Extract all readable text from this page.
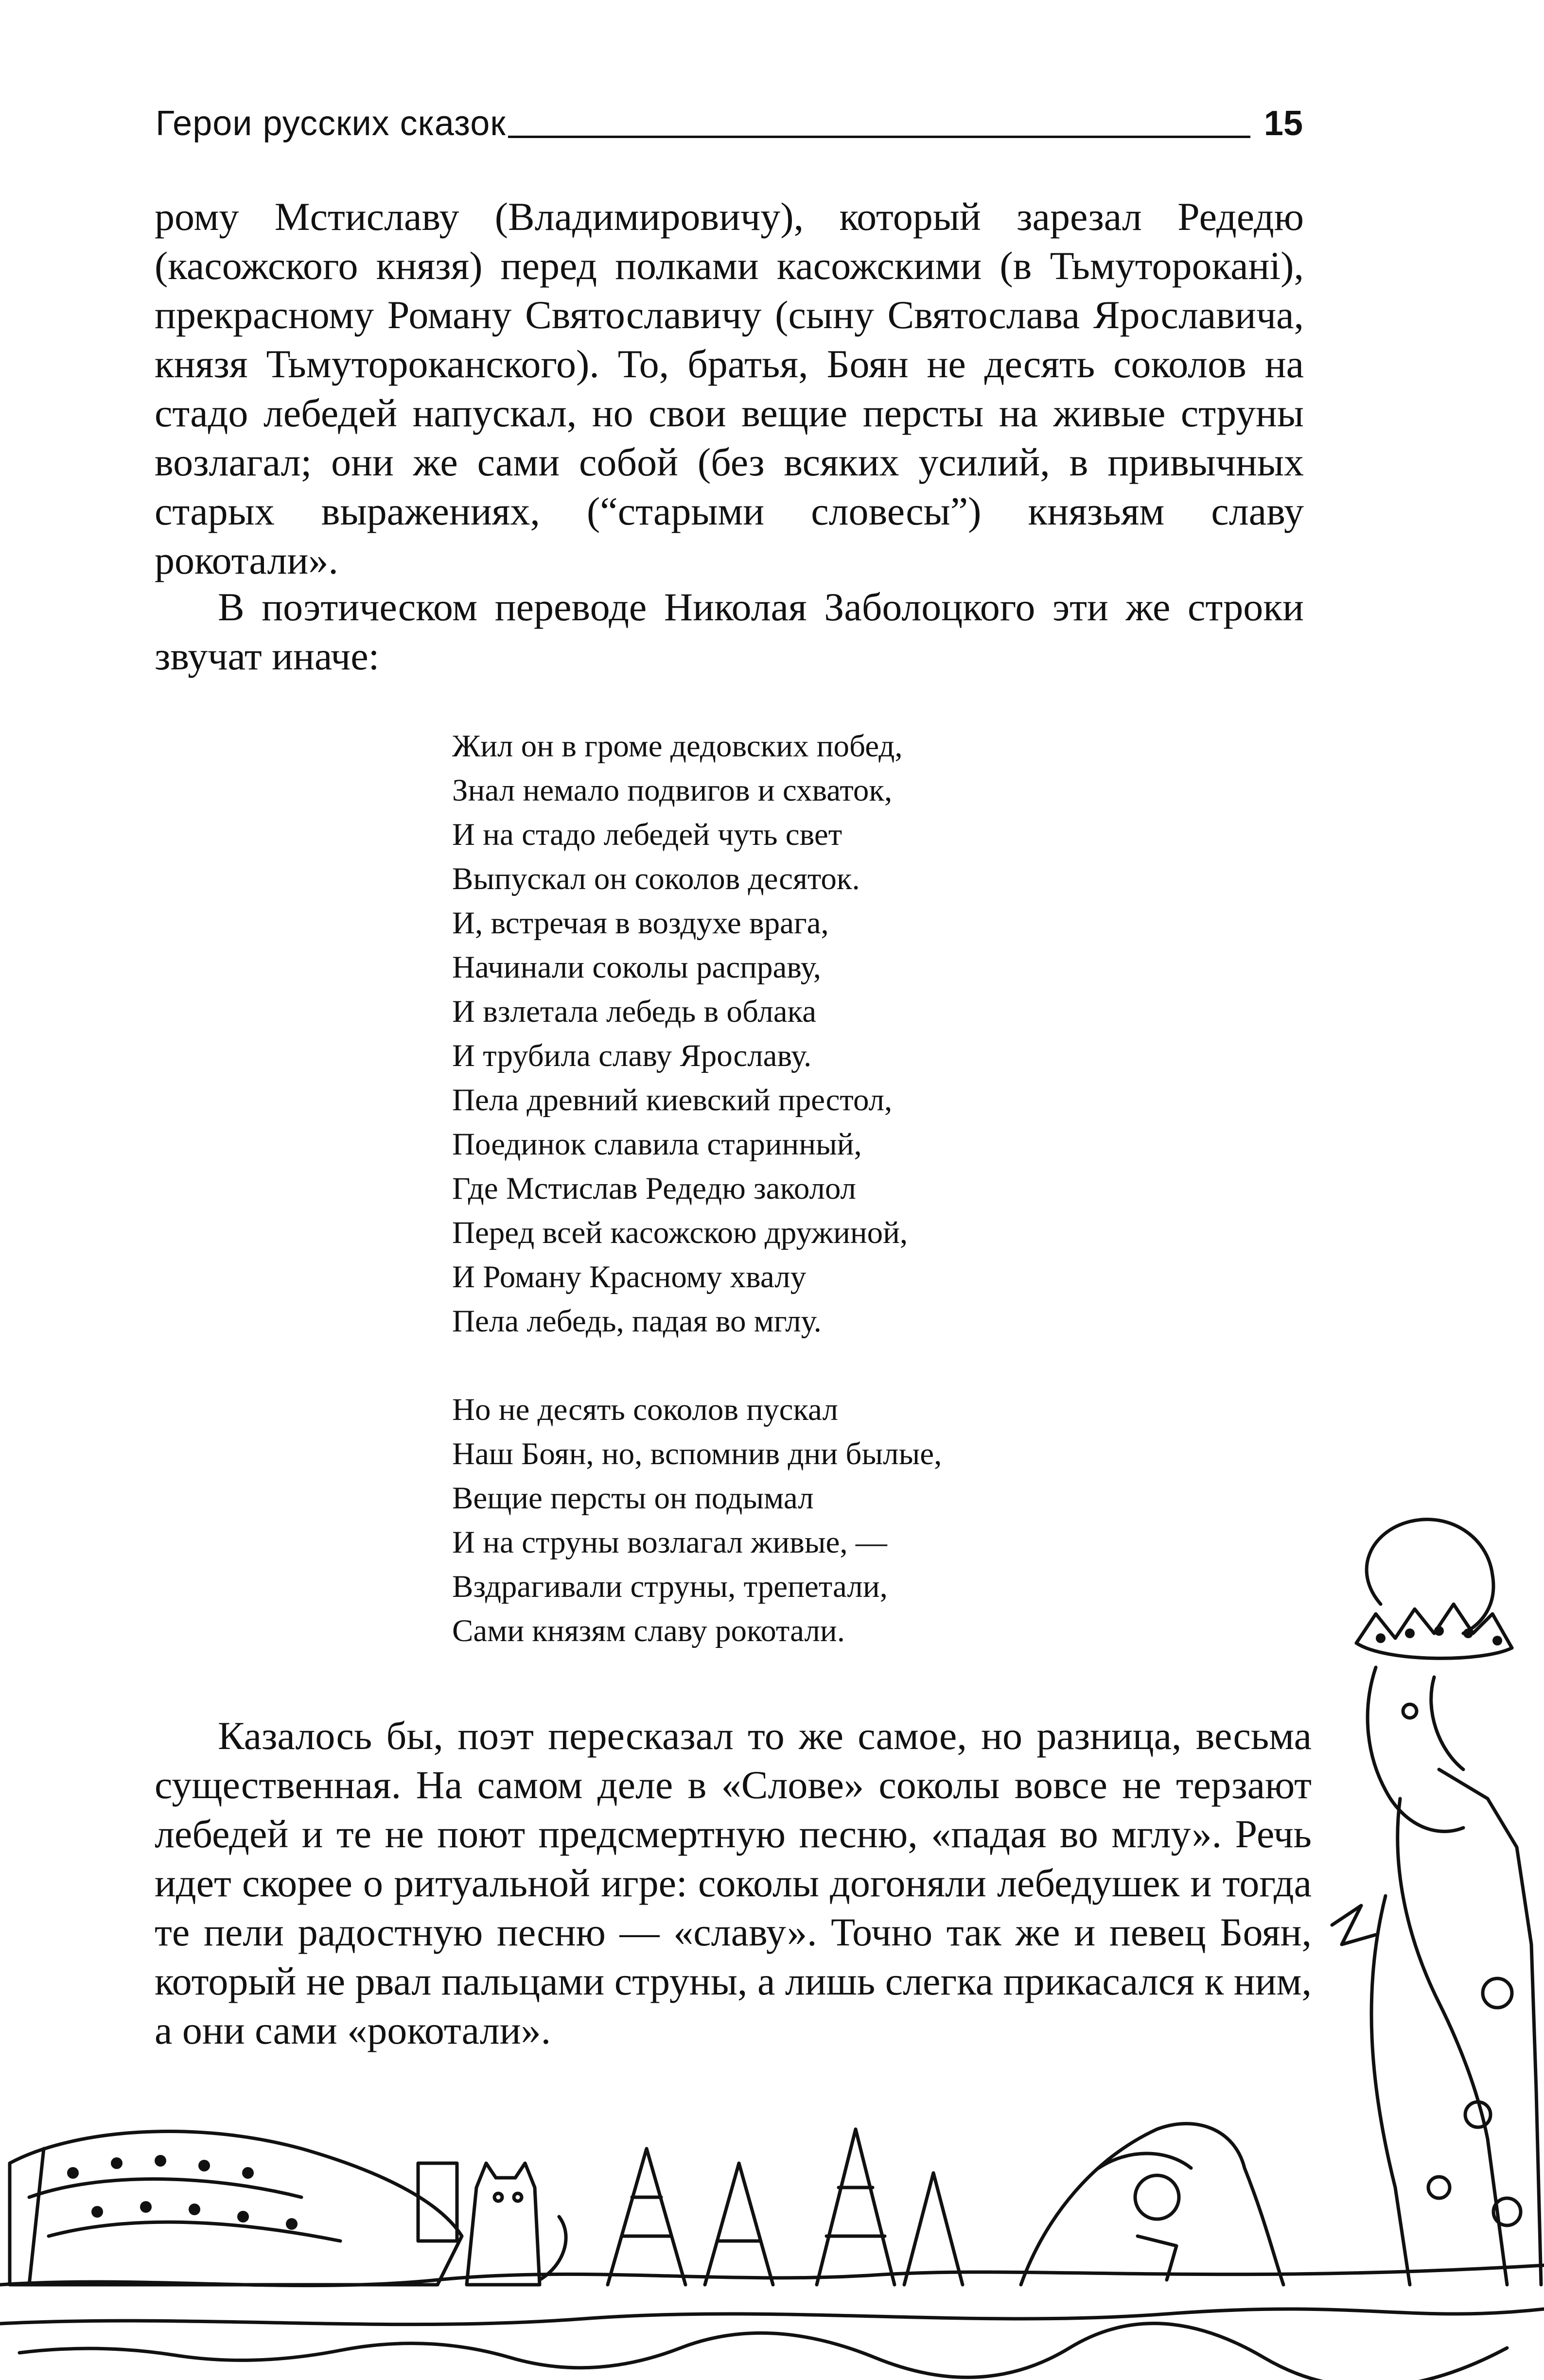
Герои русских сказок	15

рому Мстиславу (Владимировичу), который зарезал Редедю (касожского князя) перед полками касожскими (в Тьмутороканi), прекрасному Роману Святославичу (сыну Святослава Ярославича, князя Тьмутороканского). То, братья, Боян не десять соколов на стадо лебедей напускал, но свои вещие персты на живые струны возлагал; они же сами собой (без всяких усилий, в привычных старых выражениях, (“старыми словесы”) князьям славу рокотали».

В поэтическом переводе Николая Заболоцкого эти же строки звучат иначе:

Жил он в громе дедовских побед,
Знал немало подвигов и схваток,
И на стадо лебедей чуть свет
Выпускал он соколов десяток.
И, встречая в воздухе врага,
Начинали соколы расправу,
И взлетала лебедь в облака
И трубила славу Ярославу.
Пела древний киевский престол,
Поединок славила старинный,
Где Мстислав Редедю заколол
Перед всей касожскою дружиной,
И Роману Красному хвалу
Пела лебедь, падая во мглу.
Но не десять соколов пускал
Наш Боян, но, вспомнив дни былые,
Вещие персты он подымал
И на струны возлагал живые, —
Вздрагивали струны, трепетали,
Сами князям славу рокотали.

Казалось бы, поэт пересказал то же самое, но разница, весьма существенная. На самом деле в «Слове» соколы вовсе не терзают лебедей и те не поют предсмертную песню, «падая во мглу». Речь идет скорее о ритуальной игре: соколы догоняли лебедушек и тогда те пели радостную песню — «славу». Точно так же и певец Боян, который не рвал пальцами струны, а лишь слегка прикасался к ним, а они сами «рокотали».
